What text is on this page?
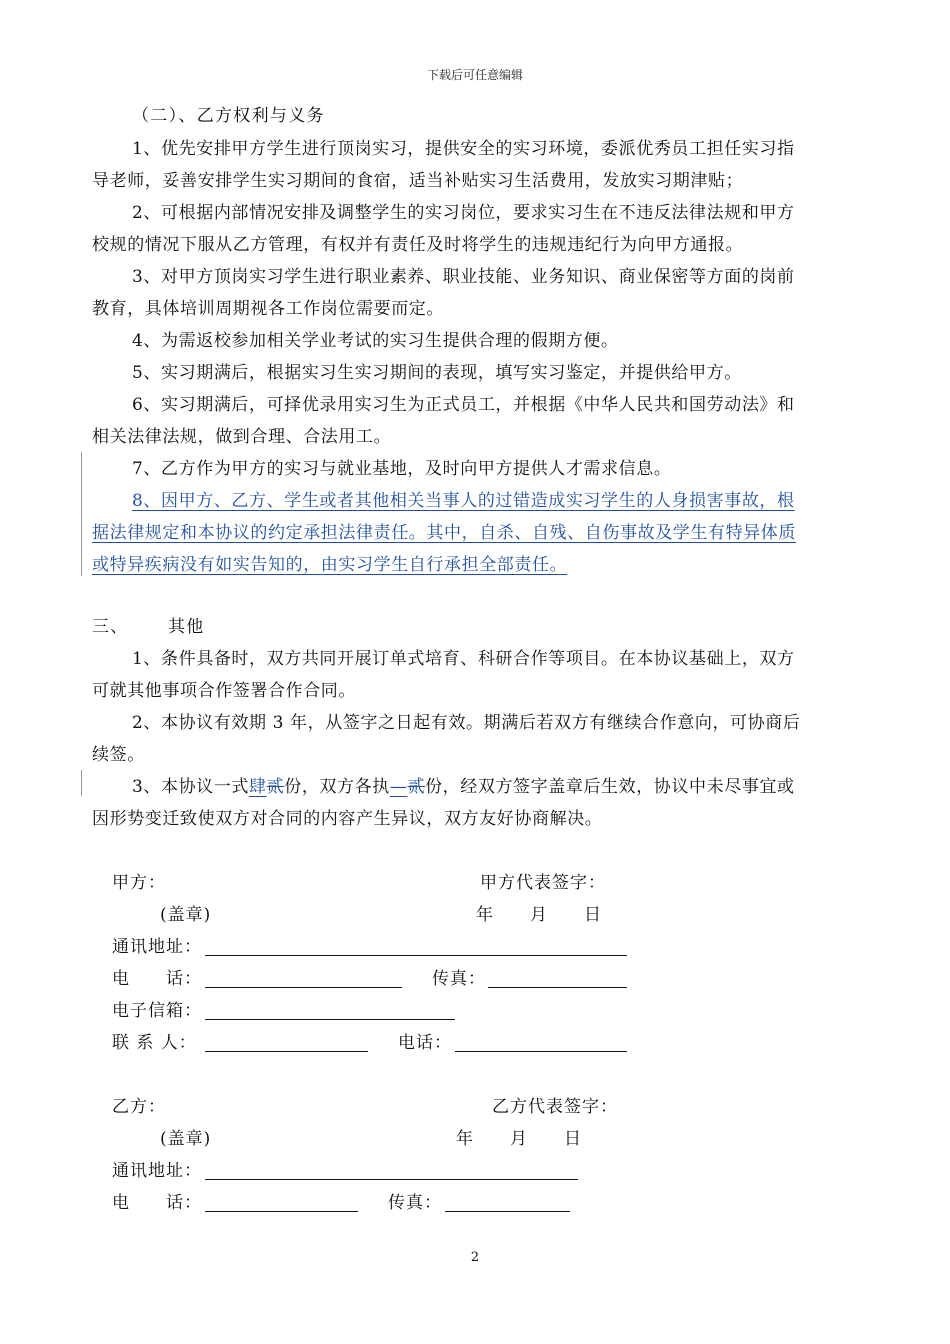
下载后可任意编辑
（二）、乙方权利与义务
1、优先安排甲方学生进行顶岗实习，提供安全的实习环境，委派优秀员工担任实习指
导老师，妥善安排学生实习期间的食宿，适当补贴实习生活费用，发放实习期津贴；
2、可根据内部情况安排及调整学生的实习岗位，要求实习生在不违反法律法规和甲方
校规的情况下服从乙方管理，有权并有责任及时将学生的违规违纪行为向甲方通报。
3、对甲方顶岗实习学生进行职业素养、职业技能、业务知识、商业保密等方面的岗前
教育，具体培训周期视各工作岗位需要而定。
4、为需返校参加相关学业考试的实习生提供合理的假期方便。
5、实习期满后，根据实习生实习期间的表现，填写实习鉴定，并提供给甲方。
6、实习期满后，可择优录用实习生为正式员工，并根据《中华人民共和国劳动法》和
相关法律法规，做到合理、合法用工。
7、乙方作为甲方的实习与就业基地，及时向甲方提供人才需求信息。
8、因甲方、乙方、学生或者其他相关当事人的过错造成实习学生的人身损害事故，根
据法律规定和本协议的约定承担法律责任。其中，自杀、自残、自伤事故及学生有特异体质
或特异疾病没有如实告知的，由实习学生自行承担全部责任。
三、 其他
1、条件具备时，双方共同开展订单式培育、科研合作等项目。在本协议基础上，双方
可就其他事项合作签署合作合同。
2、本协议有效期 3 年，从签字之日起有效。期满后若双方有继续合作意向，可协商后
续签。
3、本协议一式肆贰份，双方各执—贰份，经双方签字盖章后生效，协议中未尽事宜或
因形势变迁致使双方对合同的内容产生异议，双方友好协商解决。
甲方：	甲方代表签字：
(盖章)	年　　月　　日
通讯地址：
电　　话：	传真：
电子信箱：
联 系 人：	电话：
乙方：	乙方代表签字：
(盖章)	年　　月　　日
通讯地址：
电　　话：	传真：
2
